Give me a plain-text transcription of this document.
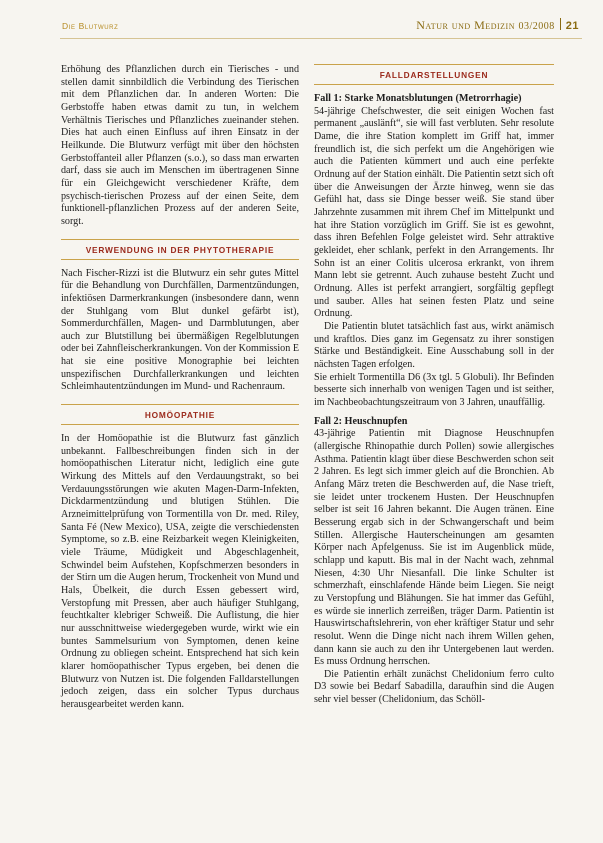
Die Blutwurz	Natur und Medizin 03/2008 21

Erhöhung des Pflanzlichen durch ein Tierisches - und stellen damit sinnbildlich die Verbindung des Tierischen mit dem Pflanzlichen dar. In anderen Worten: Die Gerbstoffe haben etwas damit zu tun, in welchem Verhältnis Tierisches und Pflanzliches zueinander stehen. Dies hat auch einen Einfluss auf ihren Einsatz in der Heilkunde. Die Blutwurz verfügt mit über den höchsten Gerbstoffanteil aller Pflanzen (s.o.), so dass man erwarten darf, dass sie auch im Menschen im übertragenen Sinne für ein Gleichgewicht verschiedener Kräfte, dem psychisch-tierischen Prozess auf der einen Seite, dem funktionell-pflanzlichen Prozess auf der anderen Seite, sorgt.

VERWENDUNG IN DER PHYTOTHERAPIE

Nach Fischer-Rizzi ist die Blutwurz ein sehr gutes Mittel für die Behandlung von Durchfällen, Darmentzündungen, infektiösen Darmerkrankungen (insbesondere dann, wenn der Stuhlgang vom Blut dunkel gefärbt ist), Sommerdurchfällen, Magen- und Darmblutungen, aber auch zur Blutstillung bei übermäßigen Regelblutungen oder bei Zahnfleischerkrankungen. Von der Kommission E hat sie eine positive Monographie bei leichten unspezifischen Durchfallerkrankungen und leichten Schleimhautentzündungen im Mund- und Rachenraum.

HOMÖOPATHIE

In der Homöopathie ist die Blutwurz fast gänzlich unbekannt. Fallbeschreibungen finden sich in der homöopathischen Literatur nicht, lediglich eine gute Wirkung des Mittels auf den Verdauungstrakt, so bei Verdauungsstörungen wie akuten Magen-Darm-Infekten, Dickdarmentzündung und blutigen Stühlen. Die Arzneimittelprüfung von Tormentilla von Dr. med. Riley, Santa Fé (New Mexico), USA, zeigte die verschiedensten Symptome, so z.B. eine Reizbarkeit wegen Kleinigkeiten, viele Träume, Müdigkeit und Abgeschlagenheit, Schwindel beim Aufstehen, Kopfschmerzen besonders in der Stirn um die Augen herum, Trockenheit von Mund und Hals, Übelkeit, die durch Essen gebessert wird, Verstopfung mit Pressen, aber auch häufiger Stuhlgang, feuchtkalter klebriger Schweiß. Die Auflistung, die hier nur ausschnittweise wiedergegeben wurde, wirkt wie ein buntes Sammelsurium von Symptomen, denen keine Ordnung zu obliegen scheint. Entsprechend hat sich kein klarer homöopathischer Typus ergeben, bei denen die Blutwurz von Nutzen ist. Die folgenden Falldarstellungen jedoch zeigen, dass ein solcher Typus durchaus herausgearbeitet werden kann.

FALLDARSTELLUNGEN
Fall 1: Starke Monatsblutungen (Metrorrhagie)

54-jährige Chefschwester, die seit einigen Wochen fast permanent „auslänft“, sie will fast verbluten. Sehr resolute Dame, die ihre Station komplett im Griff hat, immer freundlich ist, die sich perfekt um die Angehörigen wie auch die Patienten kümmert und auch eine perfekte Ordnung auf der Station einhält. Die Patientin setzt sich oft über die Anweisungen der Ärzte hinweg, wenn sie das Gefühl hat, dass sie Dinge besser weiß. Sie stand über Jahrzehnte zusammen mit ihrem Chef im Mittelpunkt und hat ihre Station vorzüglich im Griff. Sie ist es gewohnt, dass ihren Befehlen Folge geleistet wird. Sehr attraktive gekleidet, eher schlank, perfekt in den Arrangements. Ihr Sohn ist an einer Colitis ulcerosa erkrankt, von ihrem Mann lebt sie getrennt. Auch zuhause besteht Zucht und Ordnung. Alles ist perfekt arrangiert, sorgfältig gepflegt und sauber. Alles hat seinen festen Platz und seine Ordnung.

Die Patientin blutet tatsächlich fast aus, wirkt anämisch und kraftlos. Dies ganz im Gegensatz zu ihrer sonstigen Stärke und Beständigkeit. Eine Ausschabung soll in der nächsten Tagen erfolgen.

Sie erhielt Tormentilla D6 (3x tgl. 5 Globuli). Ihr Befinden besserte sich innerhalb von wenigen Tagen und ist seither, im Nachbeobachtungszeitraum von 3 Jahren, unauffällig.

Fall 2: Heuschnupfen

43-jährige Patientin mit Diagnose Heuschnupfen (allergische Rhinopathie durch Pollen) sowie allergisches Asthma. Patientin klagt über diese Beschwerden schon seit 2 Jahren. Es legt sich immer gleich auf die Bronchien. Ab Anfang März treten die Beschwerden auf, die Nase trieft, sie leidet unter trockenem Husten. Der Heuschnupfen selber ist seit 16 Jahren bekannt. Die Augen tränen. Eine Besserung ergab sich in der Schwangerschaft und beim Stillen. Allergische Hauterscheinungen am gesamten Körper nach Apfelgenuss. Sie ist im Augenblick müde, schlapp und kaputt. Bis mal in der Nacht wach, zehnmal Niesen, 4:30 Uhr Niesanfall. Die linke Schulter ist schmerzhaft, einschlafende Hände beim Liegen. Sie neigt zu Verstopfung und Blähungen. Sie hat immer das Gefühl, es würde sie innerlich zerreißen, träger Darm. Patientin ist Hauswirtschaftslehrerin, von eher kräftiger Statur und sehr resolut. Wenn die Dinge nicht nach ihrem Willen gehen, dann kann sie auch zu den ihr Untergebenen laut werden. Es muss Ordnung herrschen.

Die Patientin erhält zunächst Chelidonium ferro culto D3 sowie bei Bedarf Sabadilla, daraufhin sind die Augen sehr viel besser (Chelidonium, das Schöll-
